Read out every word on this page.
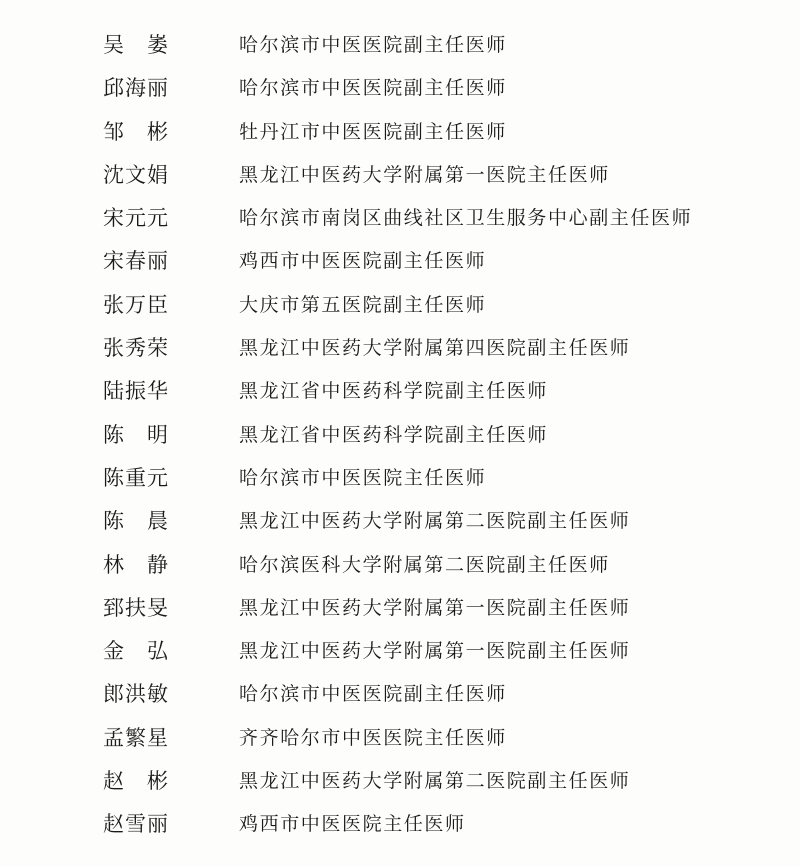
吴　崣	哈尔滨市中医医院副主任医师
邱海丽	哈尔滨市中医医院副主任医师
邹　彬	牡丹江市中医医院副主任医师
沈文娟	黑龙江中医药大学附属第一医院主任医师
宋元元	哈尔滨市南岗区曲线社区卫生服务中心副主任医师
宋春丽	鸡西市中医医院副主任医师
张万臣	大庆市第五医院副主任医师
张秀荣	黑龙江中医药大学附属第四医院副主任医师
陆振华	黑龙江省中医药科学院副主任医师
陈　明	黑龙江省中医药科学院副主任医师
陈重元	哈尔滨市中医医院主任医师
陈　晨	黑龙江中医药大学附属第二医院副主任医师
林　静	哈尔滨医科大学附属第二医院副主任医师
郅扶旻	黑龙江中医药大学附属第一医院副主任医师
金　弘	黑龙江中医药大学附属第一医院副主任医师
郎洪敏	哈尔滨市中医医院副主任医师
孟繁星	齐齐哈尔市中医医院主任医师
赵　彬	黑龙江中医药大学附属第二医院副主任医师
赵雪丽	鸡西市中医医院主任医师
